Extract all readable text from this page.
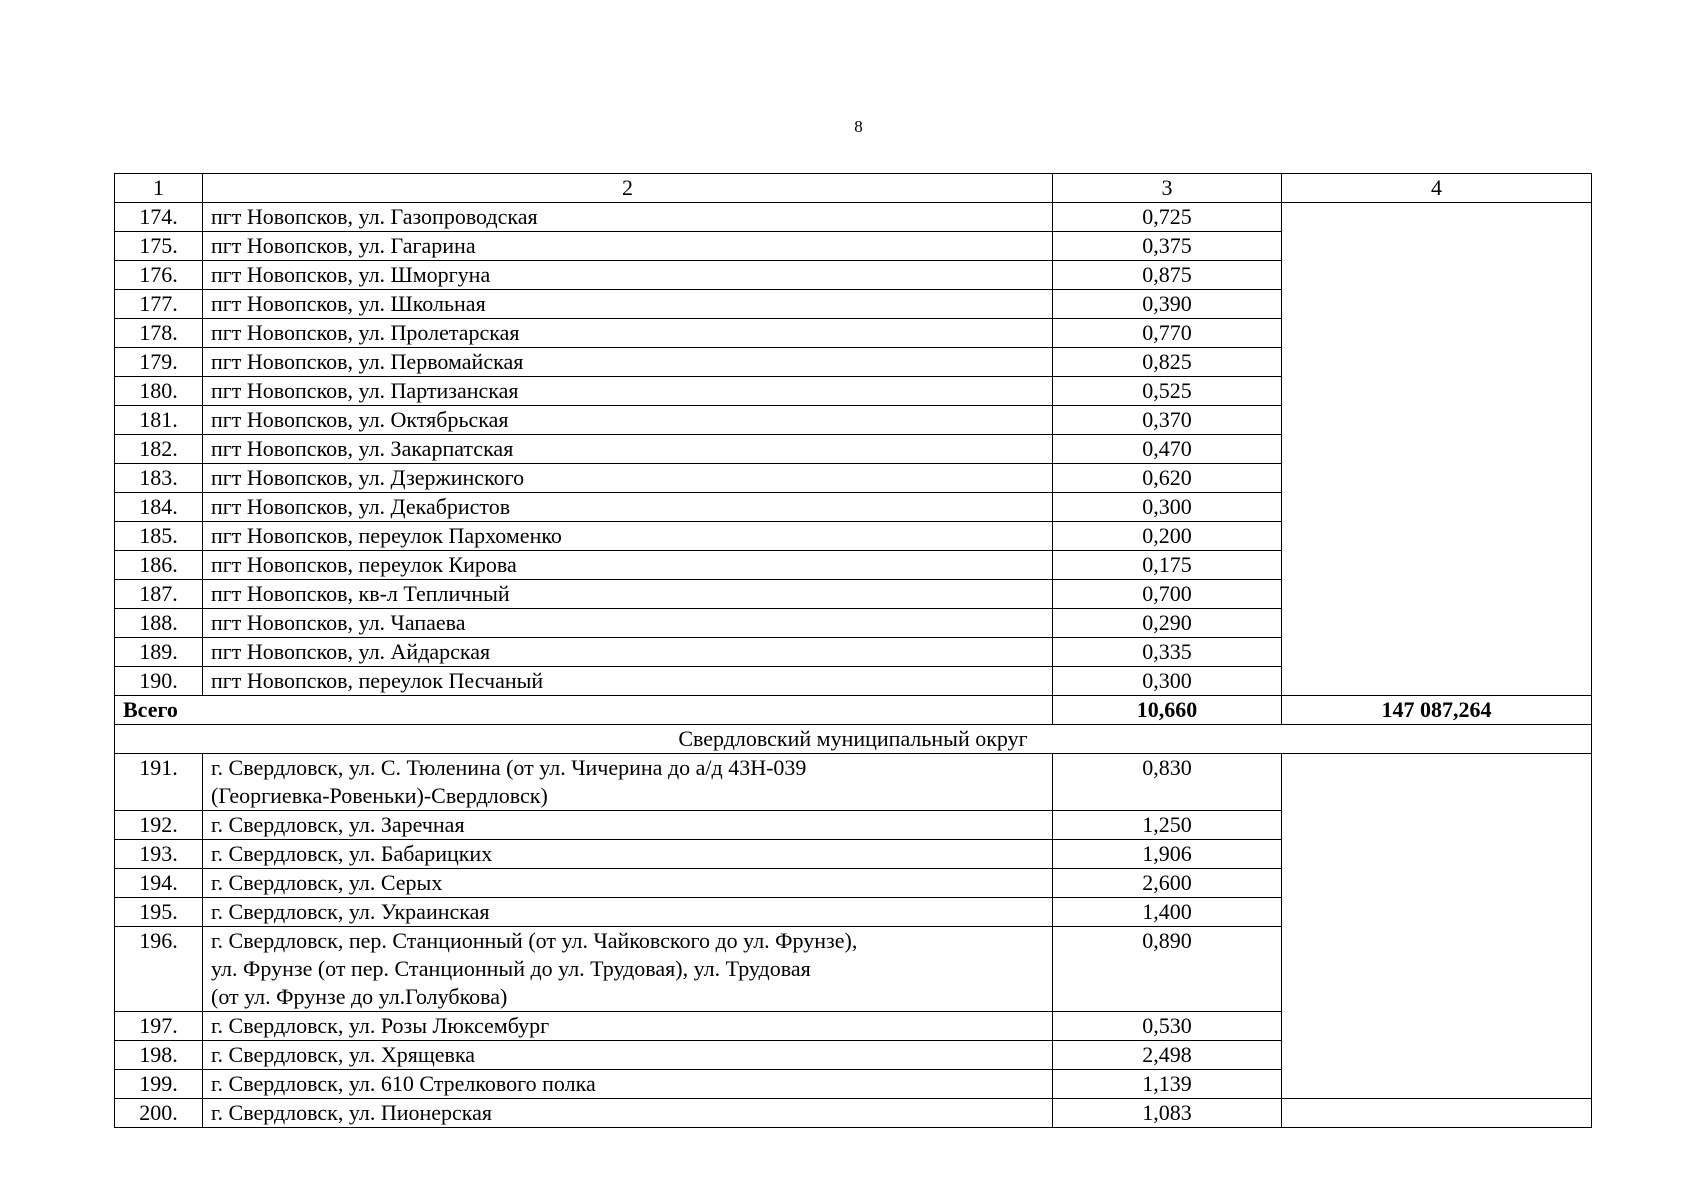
8
1	2	3	4
174.	пгт Новопсков, ул. Газопроводская	0,725	
175.	пгт Новопсков, ул. Гагарина	0,375	
176.	пгт Новопсков, ул. Шморгуна	0,875	
177.	пгт Новопсков, ул. Школьная	0,390	
178.	пгт Новопсков, ул. Пролетарская	0,770	
179.	пгт Новопсков, ул. Первомайская	0,825	
180.	пгт Новопсков, ул. Партизанская	0,525	
181.	пгт Новопсков, ул. Октябрьская	0,370	
182.	пгт Новопсков, ул. Закарпатская	0,470	
183.	пгт Новопсков, ул. Дзержинского	0,620	
184.	пгт Новопсков, ул. Декабристов	0,300	
185.	пгт Новопсков, переулок Пархоменко	0,200	
186.	пгт Новопсков, переулок Кирова	0,175	
187.	пгт Новопсков, кв-л Тепличный	0,700	
188.	пгт Новопсков, ул. Чапаева	0,290	
189.	пгт Новопсков, ул. Айдарская	0,335	
190.	пгт Новопсков, переулок Песчаный	0,300	
Всего		10,660	147 087,264
Свердловский муниципальный округ			
191.	г. Свердловск, ул. С. Тюленина (от ул. Чичерина до а/д 43Н-039
(Георгиевка-Ровеньки)-Свердловск)	0,830	
192.	г. Свердловск, ул. Заречная	1,250	
193.	г. Свердловск, ул. Бабарицких	1,906	
194.	г. Свердловск, ул. Серых	2,600	
195.	г. Свердловск, ул. Украинская	1,400	
196.	г. Свердловск, пер. Станционный (от ул. Чайковского до ул. Фрунзе),
ул. Фрунзе (от пер. Станционный до ул. Трудовая), ул. Трудовая
(от ул. Фрунзе до ул.Голубкова)	0,890	
197.	г. Свердловск, ул. Розы Люксембург	0,530	
198.	г. Свердловск, ул. Хрящевка	2,498	
199.	г. Свердловск, ул. 610 Стрелкового полка	1,139	
200.	г. Свердловск, ул. Пионерская	1,083	
